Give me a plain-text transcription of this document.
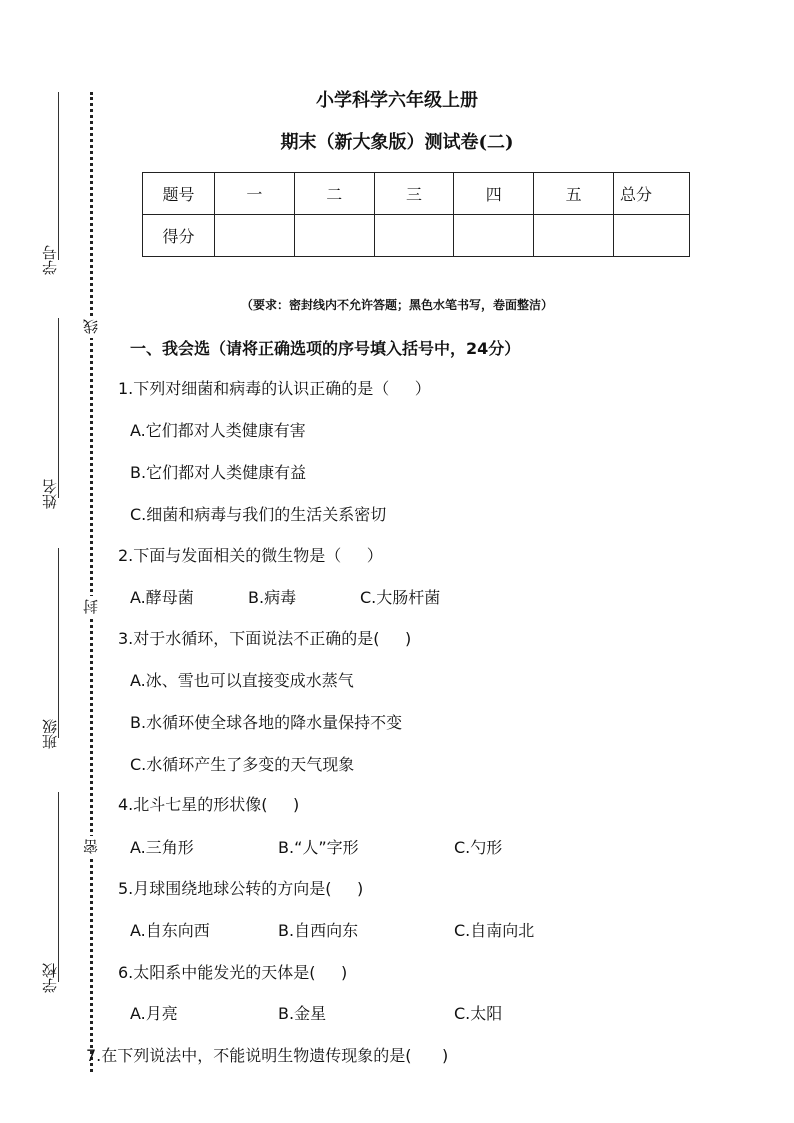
学号
姓名
班级
学校
线
封
密
小学科学六年级上册
期末（新大象版）测试卷(二)
题号	一	二	三	四	五	总分
得分						
（要求：密封线内不允许答题；黑色水笔书写，卷面整洁）
一、我会选（请将正确选项的序号填入括号中，24分）
1.下列对细菌和病毒的认识正确的是（     ）
A.它们都对人类健康有害
B.它们都对人类健康有益
C.细菌和病毒与我们的生活关系密切
2.下面与发面相关的微生物是（     ）
A.酵母菌	B.病毒	C.大肠杆菌
3.对于水循环，下面说法不正确的是(     )
A.冰、雪也可以直接变成水蒸气
B.水循环使全球各地的降水量保持不变
C.水循环产生了多变的天气现象
4.北斗七星的形状像(     )
A.三角形	B.“人”字形	C.勺形
5.月球围绕地球公转的方向是(     )
A.自东向西	B.自西向东	C.自南向北
6.太阳系中能发光的天体是(     )
A.月亮	B.金星	C.太阳
7.在下列说法中，不能说明生物遗传现象的是(      )
